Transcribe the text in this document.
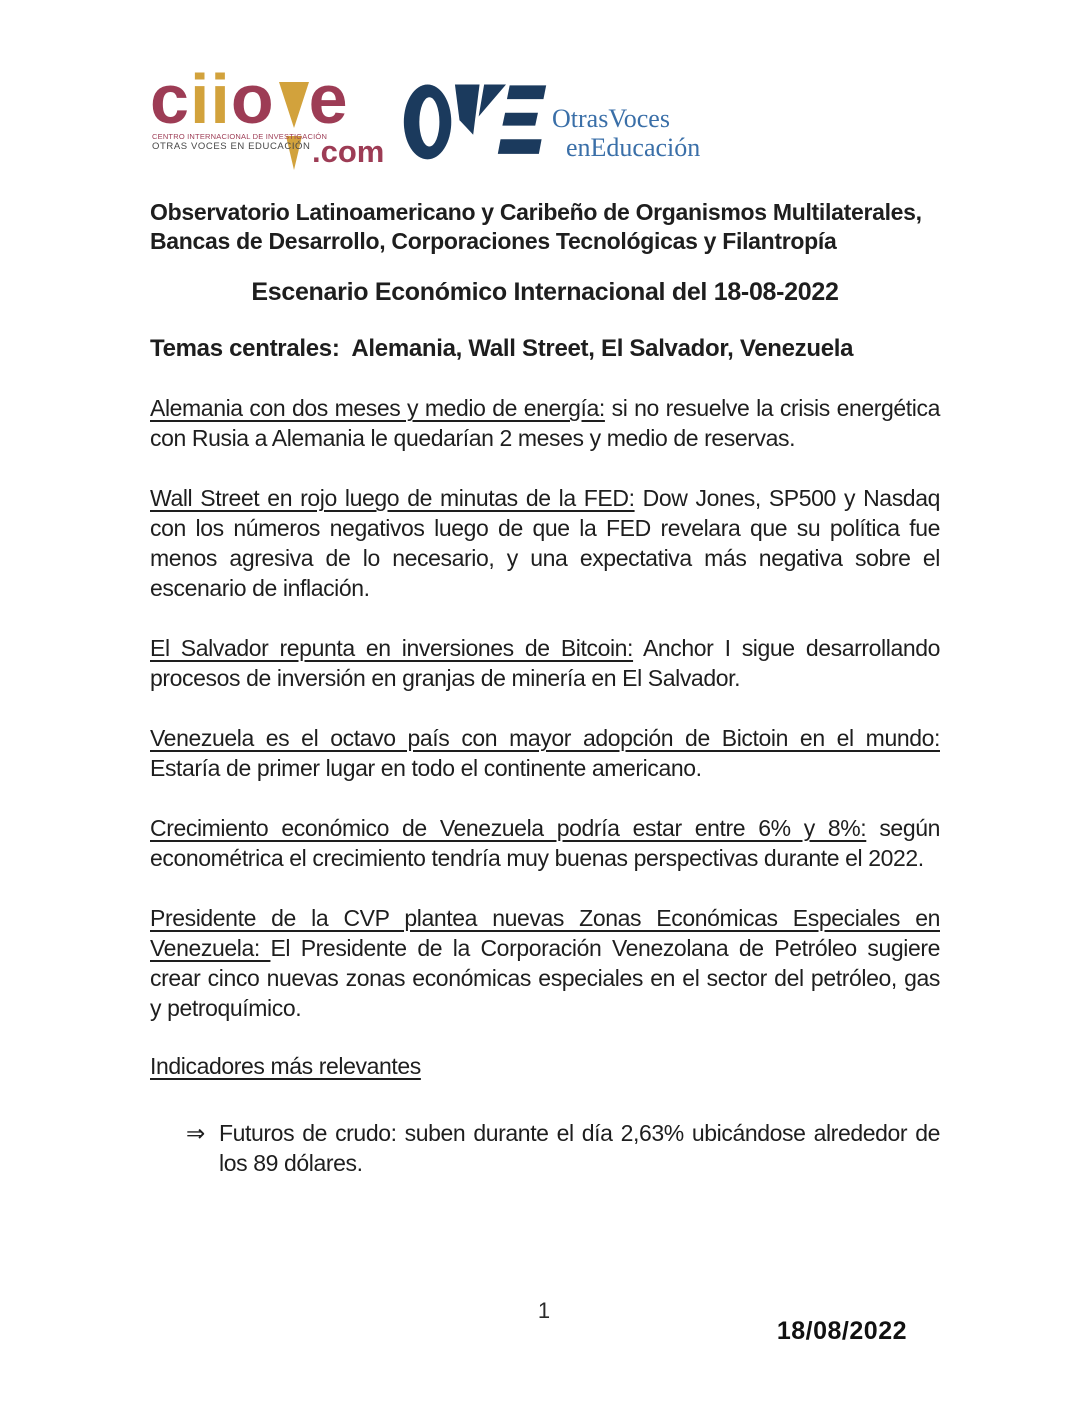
c ii o e
CENTRO INTERNACIONAL DE INVESTIGACIÓN
OTRAS VOCES EN EDUCACIÓN .com
OtrasVoces
enEducación

Observatorio Latinoamericano y Caribeño de Organismos Multilaterales, Bancas de Desarrollo, Corporaciones Tecnológicas y Filantropía

Escenario Económico Internacional del 18-08-2022

Temas centrales:  Alemania, Wall Street, El Salvador, Venezuela

Alemania con dos meses y medio de energía: si no resuelve la crisis energética con Rusia a Alemania le quedarían 2 meses y medio de reservas.

Wall Street en rojo luego de minutas de la FED: Dow Jones, SP500 y Nasdaq con los números negativos luego de que la FED revelara que su política fue menos agresiva de lo necesario, y una expectativa más negativa sobre el escenario de inflación.

El Salvador repunta en inversiones de Bitcoin: Anchor I sigue desarrollando procesos de inversión en granjas de minería en El Salvador.

Venezuela es el octavo país con mayor adopción de Bictoin en el mundo: Estaría de primer lugar en todo el continente americano.

Crecimiento económico de Venezuela podría estar entre 6% y 8%: según econométrica el crecimiento tendría muy buenas perspectivas durante el 2022.

Presidente de la CVP plantea nuevas Zonas Económicas Especiales en Venezuela: El Presidente de la Corporación Venezolana de Petróleo sugiere crear cinco nuevas zonas económicas especiales en el sector del petróleo, gas y petroquímico.

Indicadores más relevantes

⇒ Futuros de crudo: suben durante el día 2,63% ubicándose alrededor de los 89 dólares.
1
18/08/2022
